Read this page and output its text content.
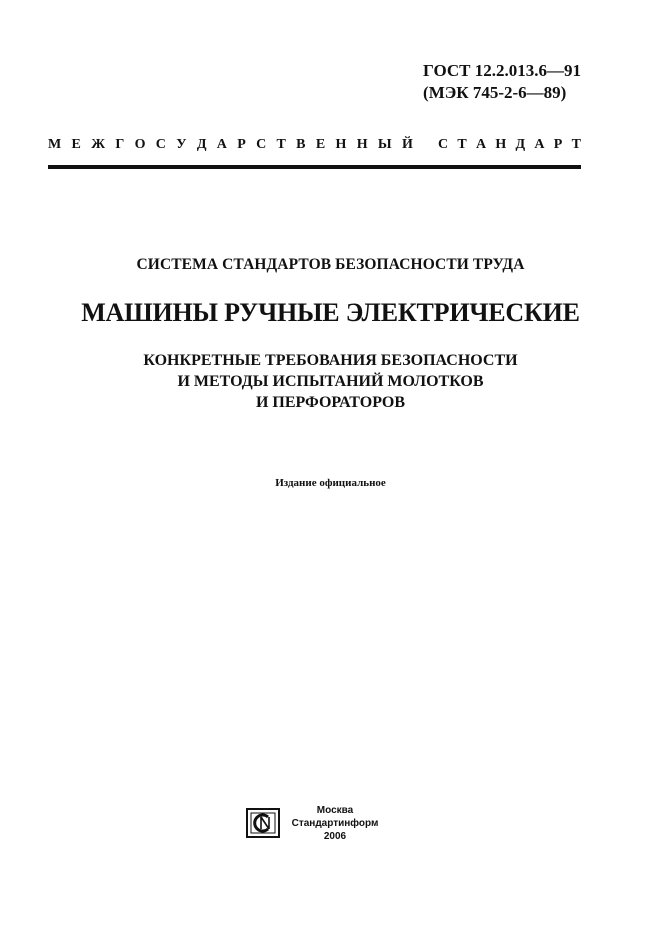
ГОСТ 12.2.013.6—91
(МЭК 745-2-6—89)
М Е Ж Г О С У Д А Р С Т В Е Н Н Ы Й С Т А Н Д А Р Т
СИСТЕМА СТАНДАРТОВ БЕЗОПАСНОСТИ ТРУДА
МАШИНЫ РУЧНЫЕ ЭЛЕКТРИЧЕСКИЕ
КОНКРЕТНЫЕ ТРЕБОВАНИЯ БЕЗОПАСНОСТИ
И МЕТОДЫ ИСПЫТАНИЙ МОЛОТКОВ
И ПЕРФОРАТОРОВ
Издание официальное
Москва
Стандартинформ
2006
